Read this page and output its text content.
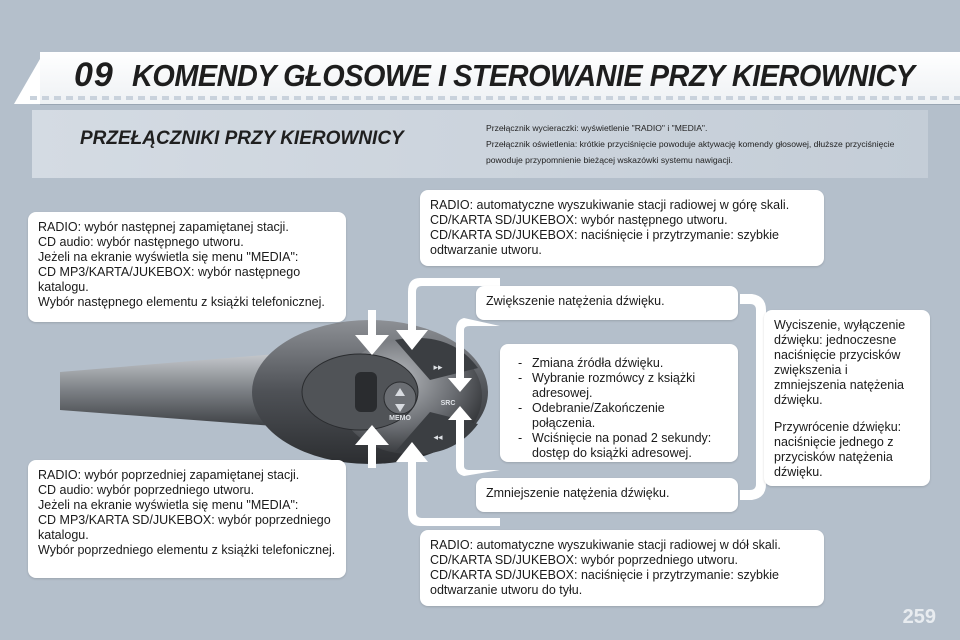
09 KOMENDY GŁOSOWE I STEROWANIE PRZY KIEROWNICY
PRZEŁĄCZNIKI PRZY KIEROWNICY	Przełącznik wycieraczki: wyświetlenie "RADIO" i "MEDIA".
Przełącznik oświetlenia: krótkie przyciśnięcie powoduje aktywację komendy głosowej, dłuższe przyciśnięcie powoduje przypomnienie bieżącej wskazówki systemu nawigacji.
MEMO
SRC
▸▸
◂◂

RADIO: wybór następnej zapamiętanej stacji.

CD audio: wybór następnego utworu.

Jeżeli na ekranie wyświetla się menu "MEDIA":

CD MP3/KARTA/JUKEBOX: wybór następnego katalogu.

Wybór następnego elementu z książki telefonicznej.

RADIO: automatyczne wyszukiwanie stacji radiowej w górę skali.

CD/KARTA SD/JUKEBOX: wybór następnego utworu.

CD/KARTA SD/JUKEBOX: naciśnięcie i przytrzymanie: szybkie odtwarzanie utworu.

Zwiększenie natężenia dźwięku.

- Zmiana źródła dźwięku.
- Wybranie rozmówcy z książki adresowej.
- Odebranie/Zakończenie połączenia.
- Wciśnięcie na ponad 2 sekundy: dostęp do książki adresowej.

Zmniejszenie natężenia dźwięku.

Wyciszenie, wyłączenie dźwięku: jednoczesne naciśnięcie przycisków zwiększenia i zmniejszenia natężenia dźwięku.

Przywrócenie dźwięku: naciśnięcie jednego z przycisków natężenia dźwięku.

RADIO: wybór poprzedniej zapamiętanej stacji.

CD audio: wybór poprzedniego utworu.

Jeżeli na ekranie wyświetla się menu "MEDIA":

CD MP3/KARTA SD/JUKEBOX: wybór poprzedniego katalogu.

Wybór poprzedniego elementu z książki telefonicznej.	RADIO: automatyczne wyszukiwanie stacji radiowej w dół skali.

CD/KARTA SD/JUKEBOX: wybór poprzedniego utworu.

CD/KARTA SD/JUKEBOX: naciśnięcie i przytrzymanie: szybkie odtwarzanie utworu do tyłu.

259
